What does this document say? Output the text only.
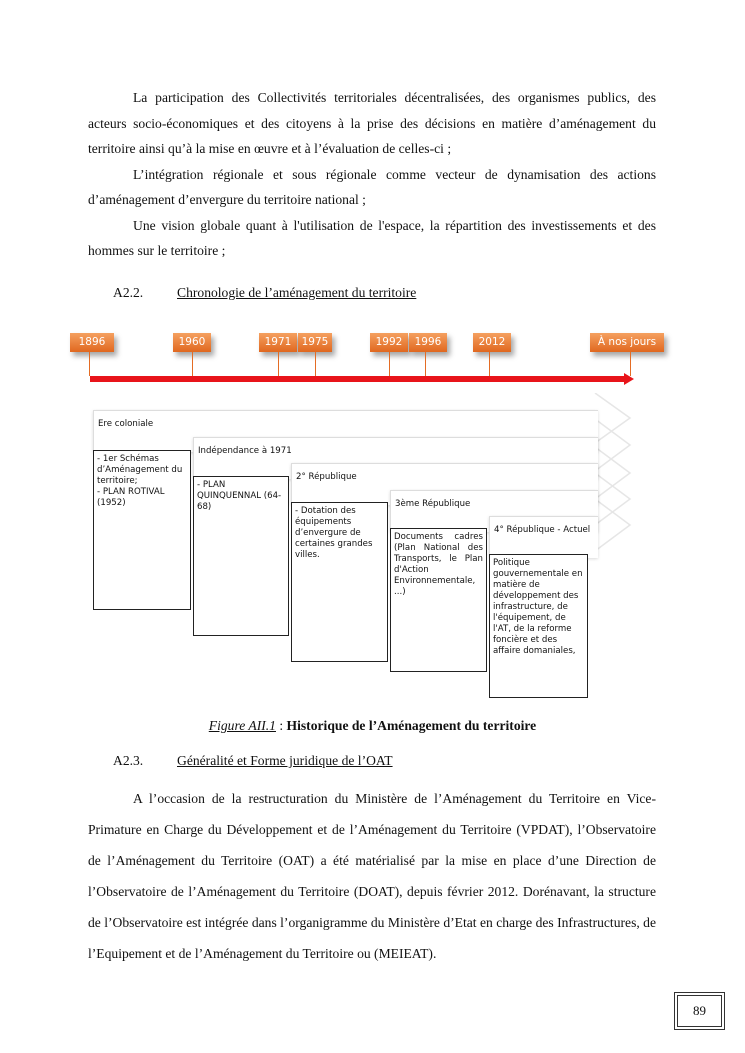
La participation des Collectivités territoriales décentralisées, des organismes publics, des acteurs socio-économiques et des citoyens à la prise des décisions en matière d’aménagement du territoire ainsi qu’à la mise en œuvre et à l’évaluation de celles-ci ;

L’intégration régionale et sous régionale comme vecteur de dynamisation des actions d’aménagement d’envergure du territoire national ;

Une vision globale quant à l'utilisation de l'espace, la répartition des investissements et des hommes sur le territoire ;

A2.2. Chronologie de l’aménagement du territoire
1896	1960	1971 1975	1992	1996	2012	À nos jours
Ere coloniale
- 1er Schémas d’Aménagement du territoire;
- PLAN ROTIVAL (1952)
Indépendance à 1971
- PLAN QUINQUENNAL (64-68)
2° République
- Dotation des équipements d’envergure de certaines grandes villes.
3ème République
Documents cadres (Plan National des Transports, le Plan d'Action Environnementale, ...)
4° République - Actuel
Politique gouvernementale en matière de développement des infrastructure, de l'équipement, de l'AT, de la reforme foncière et des affaire domaniales,
Figure AII.1 : Historique de l’Aménagement du territoire
A2.3. Généralité et Forme juridique de l’OAT

A l’occasion de la restructuration du Ministère de l’Aménagement du Territoire en Vice-Primature en Charge du Développement et de l’Aménagement du Territoire (VPDAT), l’Observatoire de l’Aménagement du Territoire (OAT) a été matérialisé par la mise en place d’une Direction de l’Observatoire de l’Aménagement du Territoire (DOAT), depuis février 2012. Dorénavant, la structure de l’Observatoire est intégrée dans l’organigramme du Ministère d’Etat en charge des Infrastructures, de l’Equipement et de l’Aménagement du Territoire ou (MEIEAT).

89
